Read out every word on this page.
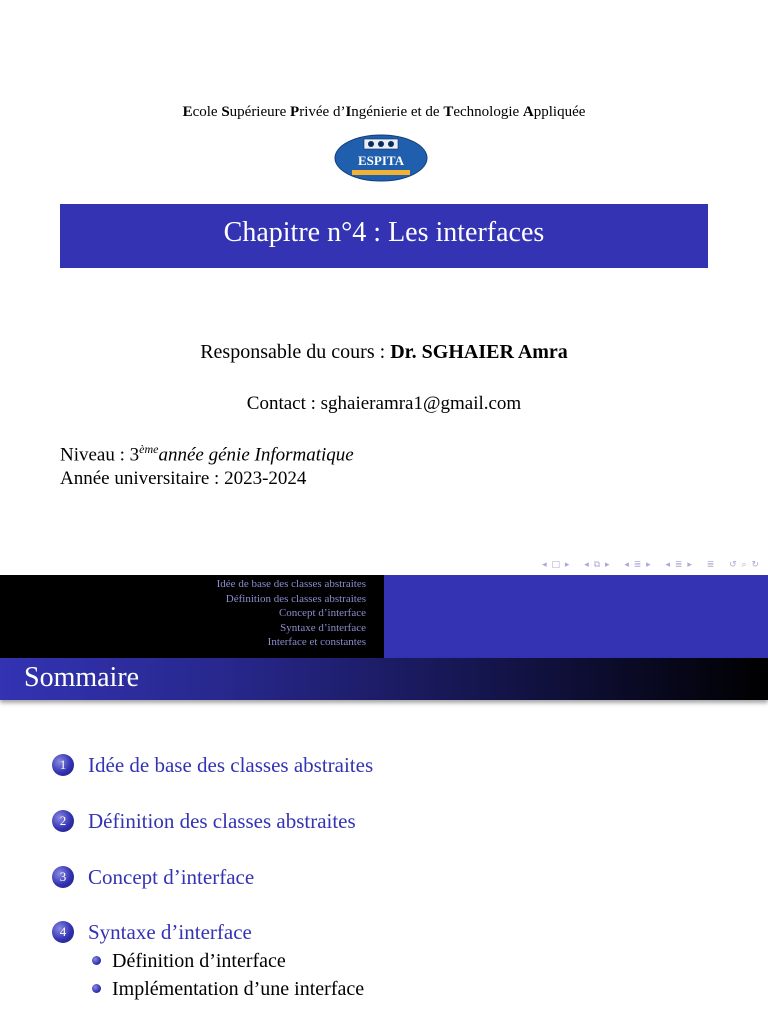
Ecole Supérieure Privée d’Ingénierie et de Technologie Appliquée
ESPITA
Chapitre n°4 : Les interfaces
Responsable du cours : Dr. SGHAIER Amra
Contact : sghaieramra1@gmail.com
Niveau : 3èmeannée génie Informatique
Année universitaire : 2023-2024
◂ □ ▸ ◂ ⧉ ▸ ◂ ≣ ▸ ◂ ≣ ▸ ≣ ↺ ⌕ ↻
Idée de base des classes abstraites
Définition des classes abstraites
Concept d’interface
Syntaxe d’interface
Interface et constantes
Sommaire
1 Idée de base des classes abstraites
2 Définition des classes abstraites
3 Concept d’interface
4 Syntaxe d’interface
Définition d’interface
Implémentation d’une interface
